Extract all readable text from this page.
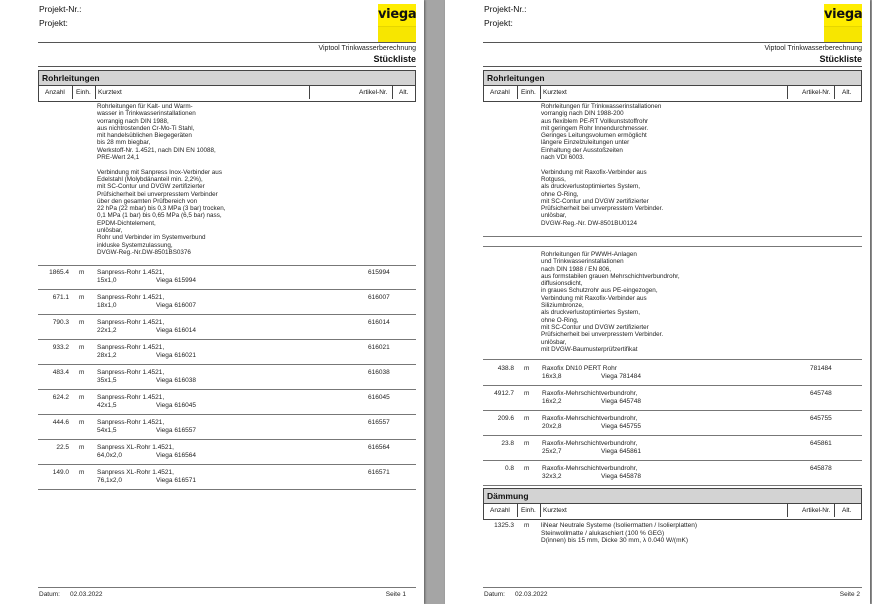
Projekt-Nr.:
Projekt:
viega
Viptool Trinkwasserberechnung
Stückliste
Rohrleitungen
Anzahl Einh. Kurztext	Artikel-Nr. Alt.
Rohrleitungen für Kalt- und Warm-
wasser in Trinkwasserinstallationen
vorrangig nach DIN 1988,
aus nichtrostenden Cr-Mo-Ti Stahl,
mit handelsüblichen Biegegeräten
bis 28 mm biegbar,
Werkstoff-Nr. 1.4521, nach DIN EN 10088,
PRE-Wert 24,1

Verbindung mit Sanpress Inox-Verbinder aus
Edelstahl (Molybdänanteil min. 2,2%),
mit SC-Contur und DVGW zertifizierter
Prüfsicherheit bei unverpresstem Verbinder
über den gesamten Prüfbereich von
22 hPa (22 mbar) bis 0,3 MPa (3 bar) trocken,
0,1 MPa (1 bar) bis 0,65 MPa (6,5 bar) nass,
EPDM-Dichtelement,
unlösbar,
Rohr und Verbinder im Systemverbund
inkluske Systemzulassung,
DVGW-Reg.-Nr.DW-8501BS0376
1865.4 m Sanpress-Rohr 1.4521,
15x1,0	Viega 615994
615994
671.1 m Sanpress-Rohr 1.4521,
18x1,0	Viega 616007
616007
790.3 m Sanpress-Rohr 1.4521,
22x1,2	Viega 616014
616014
933.2 m Sanpress-Rohr 1.4521,
28x1,2	Viega 616021
616021
483.4 m Sanpress-Rohr 1.4521,
35x1,5	Viega 616038
616038
624.2 m Sanpress-Rohr 1.4521,
42x1,5	Viega 616045
616045
444.6 m Sanpress-Rohr 1.4521,
54x1,5	Viega 616557
616557
22.5 m Sanpress XL-Rohr 1.4521,
64,0x2,0	Viega 616564
616564
149.0 m Sanpress XL-Rohr 1.4521,
76,1x2,0	Viega 616571
616571
Datum: 02.03.2022	Seite 1
Projekt-Nr.:
Projekt:
viega
Viptool Trinkwasserberechnung
Stückliste
Rohrleitungen
Anzahl Einh. Kurztext	Artikel-Nr. Alt.
Rohrleitungen für Trinkwasserinstallationen
vorrangig nach DIN 1988-200
aus flexiblem PE-RT Vollkunststoffrohr
mit geringem Rohr Innendurchmesser.
Geringes Leitungsvolumen ermöglicht
längere Einzelzuleitungen unter
Einhaltung der Ausstoßzeiten
nach VDI 6003.

Verbindung mit Raxofix-Verbinder aus
Rotguss,
als druckverlustoptimiertes System,
ohne O-Ring,
mit SC-Contur und DVGW zertifizierter
Prüfsicherheit bei unverpresstem Verbinder.
unlösbar,
DVGW-Reg.-Nr. DW-8501BU0124
Rohrleitungen für PWWH-Anlagen
und Trinkwasserinstallationen
nach DIN 1988 / EN 806,
aus formstabilen grauen Mehrschichtverbundrohr,
diffusionsdicht,
in graues Schutzrohr aus PE-eingezogen,
Verbindung mit Raxofix-Verbinder aus
Siliziumbronze,
als druckverlustoptimiertes System,
ohne O-Ring,
mit SC-Contur und DVGW zertifizierter
Prüfsicherheit bei unverpresstem Verbinder.
unlösbar,
mit DVGW-Baumusterprüfzertifikat
438.8 m Raxofix DN10 PERT Rohr
16x3,8	Viega 781484
781484
4912.7 m Raxofix-Mehrschichtverbundrohr,
16x2,2	Viega 645748
645748
209.6 m Raxofix-Mehrschichtverbundrohr,
20x2,8	Viega 645755
645755
23.8 m Raxofix-Mehrschichtverbundrohr,
25x2,7	Viega 645861
645861
0.8 m Raxofix-Mehrschichtverbundrohr,
32x3,2	Viega 645878
645878
Dämmung
Anzahl Einh. Kurztext	Artikel-Nr. Alt.
1325.3 m liNear Neutrale Systeme (Isoliermatten / Isolierplatten)
Steinwollmatte / alukaschiert (100 % GEG)
D(innen) bis 15 mm, Dicke 30 mm, λ 0.040 W/(mK)
Datum: 02.03.2022	Seite 2
